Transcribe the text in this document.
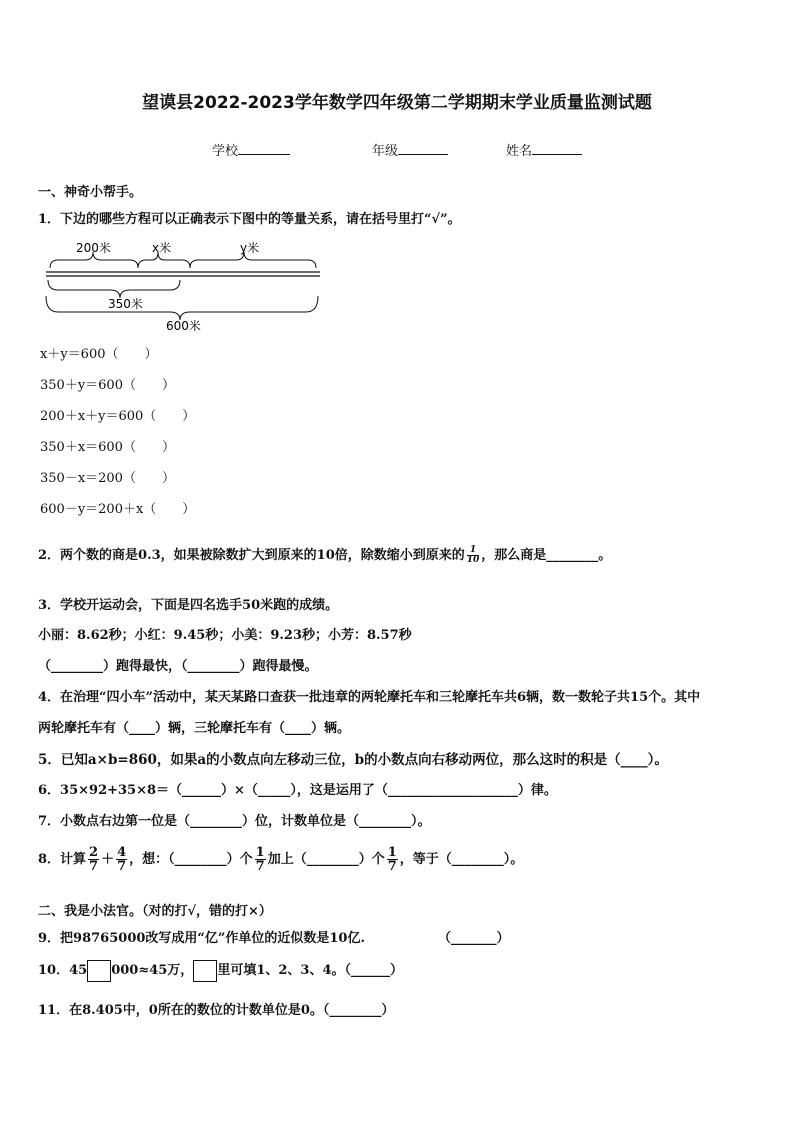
望谟县2022-2023学年数学四年级第二学期期末学业质量监测试题
学校	年级	姓名
一、神奇小帮手。
1．下边的哪些方程可以正确表示下图中的等量关系，请在括号里打“√”。
200米	x米	y米
350米
600米
x＋y＝600（　　）
350＋y＝600（　　）
200＋x＋y＝600（　　）
350＋x＝600（　　）
350－x＝200（　　）
600－y＝200＋x（　　）
2．两个数的商是0.3，如果被除数扩大到原来的10倍，除数缩小到原来的 $\frac{1}{10}$ ，那么商是________。
3．学校开运动会，下面是四名选手50米跑的成绩。
小丽：8.62秒；小红：9.45秒；小美：9.23秒；小芳：8.57秒
（________）跑得最快，（________）跑得最慢。
4．在治理“四小车”活动中，某天某路口查获一批违章的两轮摩托车和三轮摩托车共6辆，数一数轮子共15个。其中
两轮摩托车有（____）辆，三轮摩托车有（____）辆。
5．已知a×b=860，如果a的小数点向左移动三位，b的小数点向右移动两位，那么这时的积是（____）。
6．35×92+35×8＝（______）×（_____），这是运用了（____________________）律。
7．小数点右边第一位是（________）位，计数单位是（________）。
8．计算 $\frac{2}{7} + \frac{4}{7}$ ，想：（________）个 $\frac{1}{7}$ 加上（________）个 $\frac{1}{7}$ ，等于（________）。
二、我是小法官。（对的打√，错的打×）
9．把98765000改写成用“亿”作单位的近似数是10亿.	（_______）
10．45 000≈45万， 里可填1、2、3、4。（______）
11．在8.405中，0所在的数位的计数单位是0。（________）
